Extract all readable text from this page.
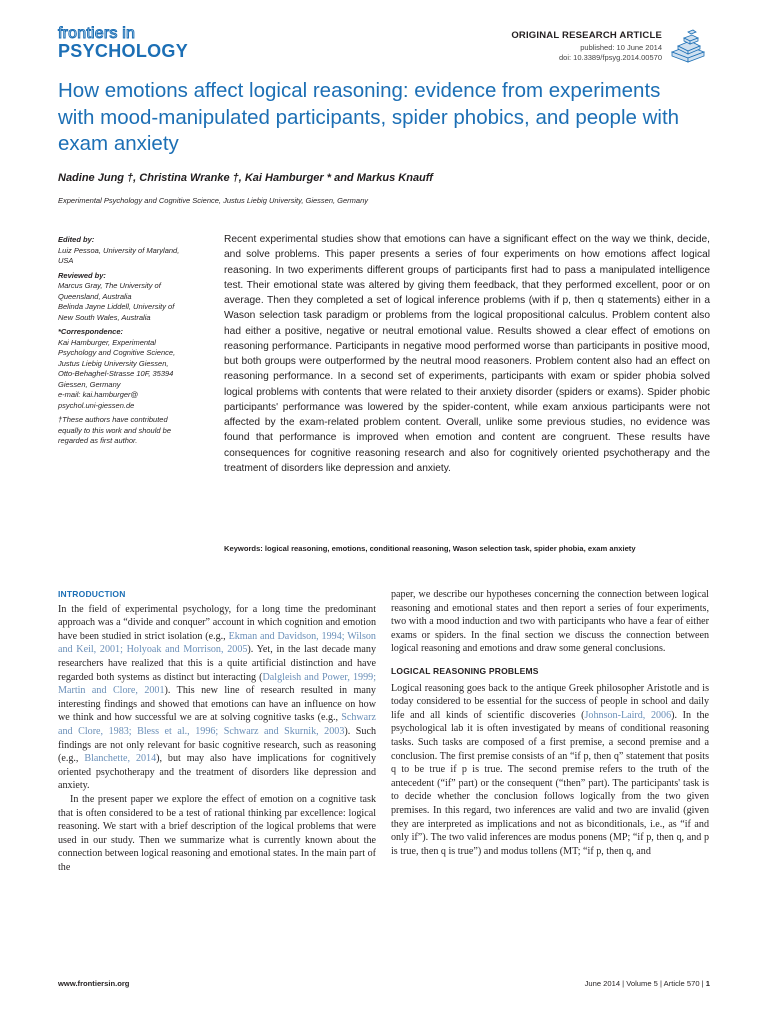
frontiers in
PSYCHOLOGY
ORIGINAL RESEARCH ARTICLE
published: 10 June 2014
doi: 10.3389/fpsyg.2014.00570
How emotions affect logical reasoning: evidence from experiments with mood-manipulated participants, spider phobics, and people with exam anxiety
Nadine Jung †, Christina Wranke †, Kai Hamburger * and Markus Knauff
Experimental Psychology and Cognitive Science, Justus Liebig University, Giessen, Germany
Edited by:
Luiz Pessoa, University of Maryland,
USA
Reviewed by:
Marcus Gray, The University of
Queensland, Australia
Belinda Jayne Liddell, University of
New South Wales, Australia
*Correspondence:
Kai Hamburger, Experimental
Psychology and Cognitive Science,
Justus Liebig University Giessen,
Otto-Behaghel-Strasse 10F, 35394
Giessen, Germany
e-mail: kai.hamburger@
psychol.uni-giessen.de
†These authors have contributed
equally to this work and should be
regarded as first author.

Recent experimental studies show that emotions can have a significant effect on the way we think, decide, and solve problems. This paper presents a series of four experiments on how emotions affect logical reasoning. In two experiments different groups of participants first had to pass a manipulated intelligence test. Their emotional state was altered by giving them feedback, that they performed excellent, poor or on average. Then they completed a set of logical inference problems (with if p, then q statements) either in a Wason selection task paradigm or problems from the logical propositional calculus. Problem content also had either a positive, negative or neutral emotional value. Results showed a clear effect of emotions on reasoning performance. Participants in negative mood performed worse than participants in positive mood, but both groups were outperformed by the neutral mood reasoners. Problem content also had an effect on reasoning performance. In a second set of experiments, participants with exam or spider phobia solved logical problems with contents that were related to their anxiety disorder (spiders or exams). Spider phobic participants' performance was lowered by the spider-content, while exam anxious participants were not affected by the exam-related problem content. Overall, unlike some previous studies, no evidence was found that performance is improved when emotion and content are congruent. These results have consequences for cognitive reasoning research and also for cognitively oriented psychotherapy and the treatment of disorders like depression and anxiety.

Keywords: logical reasoning, emotions, conditional reasoning, Wason selection task, spider phobia, exam anxiety
INTRODUCTION

In the field of experimental psychology, for a long time the predominant approach was a “divide and conquer” account in which cognition and emotion have been studied in strict isolation (e.g., Ekman and Davidson, 1994; Wilson and Keil, 2001; Holyoak and Morrison, 2005). Yet, in the last decade many researchers have realized that this is a quite artificial distinction and have regarded both systems as distinct but interacting (Dalgleish and Power, 1999; Martin and Clore, 2001). This new line of research resulted in many interesting findings and showed that emotions can have an influence on how we think and how successful we are at solving cognitive tasks (e.g., Schwarz and Clore, 1983; Bless et al., 1996; Schwarz and Skurnik, 2003). Such findings are not only relevant for basic cognitive research, such as reasoning (e.g., Blanchette, 2014), but may also have implications for cognitively oriented psychotherapy and the treatment of disorders like depression and anxiety.

In the present paper we explore the effect of emotion on a cognitive task that is often considered to be a test of rational thinking par excellence: logical reasoning. We start with a brief description of the logical problems that were used in our study. Then we summarize what is currently known about the connection between logical reasoning and emotional states. In the main part of the

paper, we describe our hypotheses concerning the connection between logical reasoning and emotional states and then report a series of four experiments, two with a mood induction and two with participants who have a fear of either exams or spiders. In the final section we discuss the connection between logical reasoning and emotions and draw some general conclusions.

LOGICAL REASONING PROBLEMS

Logical reasoning goes back to the antique Greek philosopher Aristotle and is today considered to be essential for the success of people in school and daily life and all kinds of scientific discoveries (Johnson-Laird, 2006). In the psychological lab it is often investigated by means of conditional reasoning tasks. Such tasks are composed of a first premise, a second premise and a conclusion. The first premise consists of an “if p, then q” statement that posits q to be true if p is true. The second premise refers to the truth of the antecedent (“if” part) or the consequent (“then” part). The participants' task is to decide whether the conclusion follows logically from the two given premises. In this regard, two inferences are valid and two are invalid (given they are interpreted as implications and not as biconditionals, i.e., as “if and only if”). The two valid inferences are modus ponens (MP; “if p, then q, and p is true, then q is true”) and modus tollens (MT; “if p, then q, and

www.frontiersin.org	June 2014 | Volume 5 | Article 570 | 1
